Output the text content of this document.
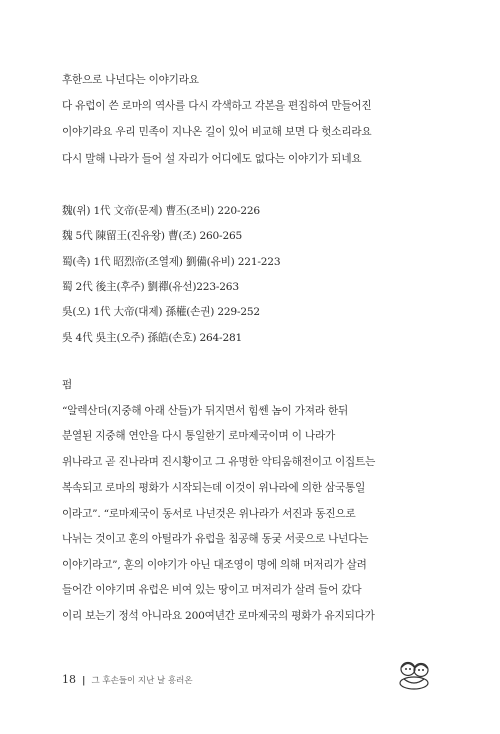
후한으로 나넌다는 이야기라요
다 유럽이 쓴 로마의 역사를 다시 각색하고 각본을 편집하여 만들어진
이야기라요 우리 민족이 지나온 길이 있어 비교해 보면 다 헛소리라요
다시 말해 나라가 들어 설 자리가 어디에도 없다는 이야기가 되네요
魏(위) 1代 文帝(문제) 曹丕(조비) 220-226
魏 5代 陳留王(진유왕) 曹(조) 260-265
蜀(촉) 1代 昭烈帝(조열제) 劉備(유비) 221-223
蜀 2代 後主(후주) 劉禪(유선)223-263
吳(오) 1代 大帝(대제) 孫權(손권) 229-252
吳 4代 吳主(오주) 孫皓(손호) 264-281
펌
“알렉산더(지중해 아래 산들)가 뒤지면서 힘쎈 놈이 가져라 한뒤
분열된 지중해 연안을 다시 통일한기 로마제국이며 이 나라가
위나라고 곧 진나라며 진시황이고 그 유명한 악티움해전이고 이집트는
복속되고 로마의 평화가 시작되는데 이것이 위나라에 의한 삼국통일
이라고”. “로마제국이 동서로 나넌것은 위나라가 서진과 동진으로
나뉘는 것이고 훈의 아틸라가 유럽을 침공해 동궂 서곶으로 나넌다는
이야기라고”, 훈의 이야기가 아닌 대조영이 명에 의해 머저리가 살려
들어간 이야기며 유럽은 비여 있는 땅이고 머저리가 살려 들어 갔다
이리 보는기 정석 아니라요 200여년간 로마제국의 평화가 유지되다가
18 | 그 후손들이 지난 날 흥러온
